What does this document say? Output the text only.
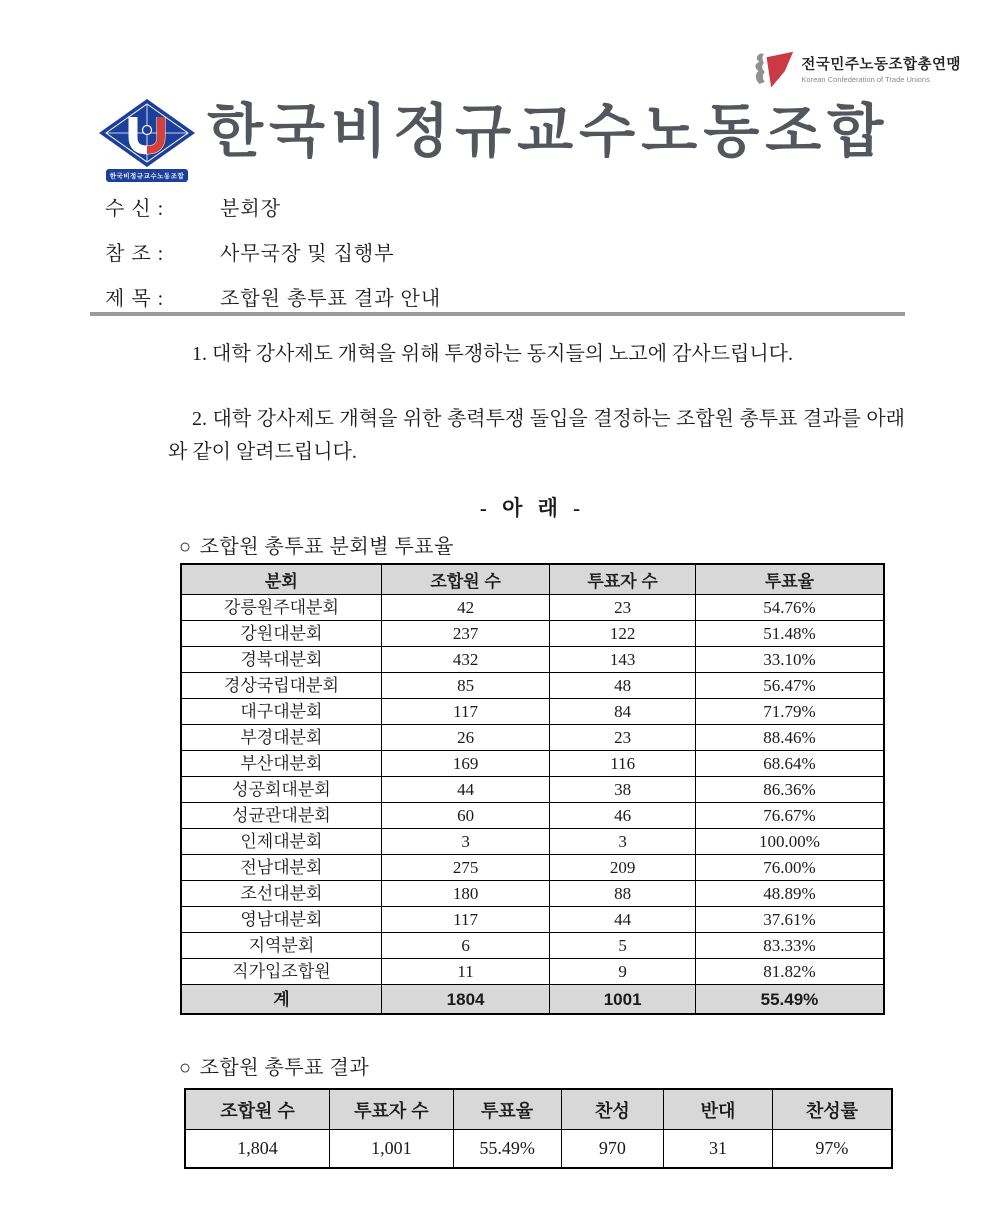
전국민주노동조합총연맹
Korean Confederation of Trade Unions
한국비정규교수노동조합
한국비정규교수노동조합
수 신 :	분회장
참 조 :	사무국장 및 집행부
제 목 :	조합원 총투표 결과 안내

1. 대학 강사제도 개혁을 위해 투쟁하는 동지들의 노고에 감사드립니다.

2. 대학 강사제도 개혁을 위한 총력투쟁 돌입을 결정하는 조합원 총투표 결과를 아래와 같이 알려드립니다.

- 아 래 -
○ 조합원 총투표 분회별 투표율
분회	조합원 수	투표자 수	투표율
강릉원주대분회	42	23	54.76%
강원대분회	237	122	51.48%
경북대분회	432	143	33.10%
경상국립대분회	85	48	56.47%
대구대분회	117	84	71.79%
부경대분회	26	23	88.46%
부산대분회	169	116	68.64%
성공회대분회	44	38	86.36%
성균관대분회	60	46	76.67%
인제대분회	3	3	100.00%
전남대분회	275	209	76.00%
조선대분회	180	88	48.89%
영남대분회	117	44	37.61%
지역분회	6	5	83.33%
직가입조합원	11	9	81.82%
계	1804	1001	55.49%
○ 조합원 총투표 결과
조합원 수	투표자 수	투표율	찬성	반대	찬성률
1,804	1,001	55.49%	970	31	97%
